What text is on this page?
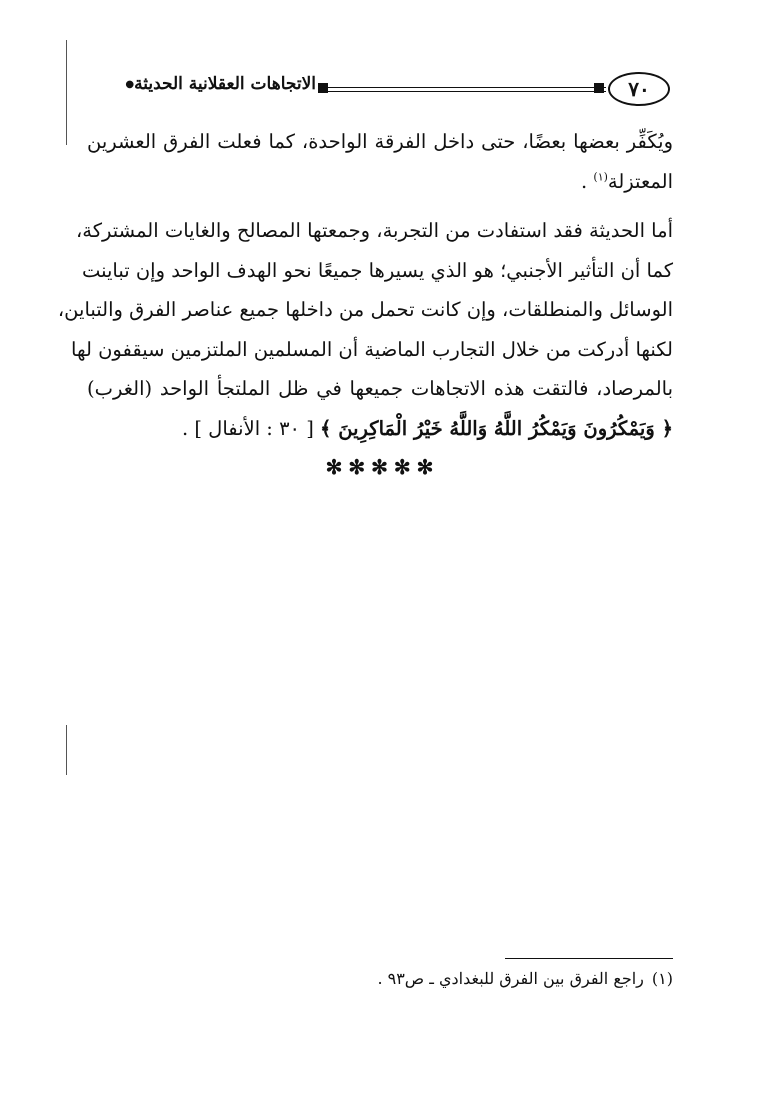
٧٠
الاتجاهات العقلانية الحديثة●
ويُكَفِّر بعضها بعضًا، حتى داخل الفرقة الواحدة، كما فعلت الفرق العشرين
المعتزلة$^{(١)}$ .
أما الحديثة فقد استفادت من التجربة، وجمعتها المصالح والغايات المشتركة،
كما أن التأثير الأجنبي؛ هو الذي يسيرها جميعًا نحو الهدف الواحد وإن تباينت
الوسائل والمنطلقات، وإن كانت تحمل من داخلها جميع عناصر الفرق والتباين،
لكنها أدركت من خلال التجارب الماضية أن المسلمين الملتزمين سيقفون لها
بالمرصاد، فالتقت هذه الاتجاهات جميعها في ظل الملتجأ الواحد (الغرب)
﴿ وَيَمْكُرُونَ وَيَمْكُرُ اللَّهُ وَاللَّهُ خَيْرُ الْمَاكِرِينَ ﴾ [ ٣٠ : الأنفال ] .
✻✻✻✻✻
(١)راجع الفرق بين الفرق للبغدادي ـ ص٩٣ .
